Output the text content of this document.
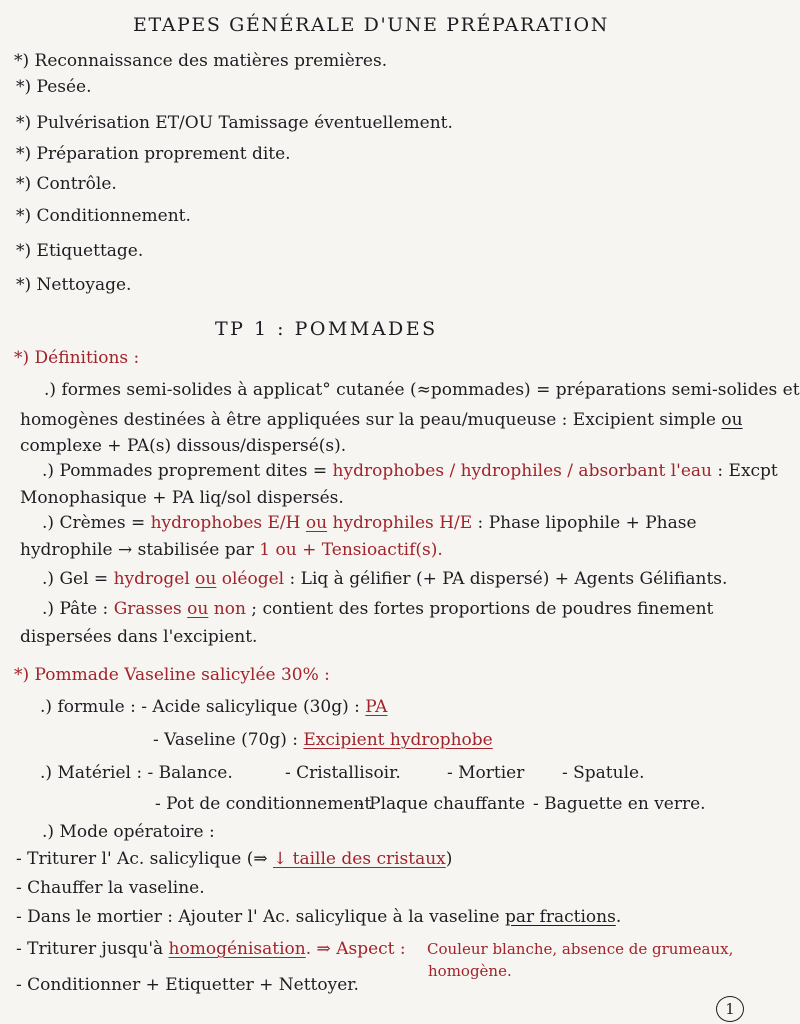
ETAPES GÉNÉRALE D'UNE PRÉPARATION
*) Reconnaissance des matières premières.
*) Pesée.
*) Pulvérisation ET/OU Tamissage éventuellement.
*) Préparation proprement dite.
*) Contrôle.
*) Conditionnement.
*) Etiquettage.
*) Nettoyage.
TP 1 : POMMADES
*) Définitions :
.) formes semi-solides à applicat° cutanée (≈pommades) = préparations semi-solides et
homogènes destinées à être appliquées sur la peau/muqueuse : Excipient simple ou
complexe + PA(s) dissous/dispersé(s).
.) Pommades proprement dites = hydrophobes / hydrophiles / absorbant l'eau : Excpt
Monophasique + PA liq/sol dispersés.
.) Crèmes = hydrophobes E/H ou hydrophiles H/E : Phase lipophile + Phase
hydrophile → stabilisée par 1 ou + Tensioactif(s).
.) Gel = hydrogel ou oléogel : Liq à gélifier (+ PA dispersé) + Agents Gélifiants.
.) Pâte : Grasses ou non ; contient des fortes proportions de poudres finement
dispersées dans l'excipient.
*) Pommade Vaseline salicylée 30% :
.) formule : - Acide salicylique (30g) : PA
- Vaseline (70g) : Excipient hydrophobe
.) Matériel : - Balance.	- Cristallisoir.	- Mortier - Spatule.
- Pot de conditionnement
- Plaque chauffante - Baguette en verre.
.) Mode opératoire :
- Triturer l' Ac. salicylique (⇒ ↓ taille des cristaux)
- Chauffer la vaseline.
- Dans le mortier : Ajouter l' Ac. salicylique à la vaseline par fractions.
- Triturer jusqu'à homogénisation. ⇒ Aspect : Couleur blanche, absence de grumeaux,
homogène.
- Conditionner + Etiquetter + Nettoyer.
1
